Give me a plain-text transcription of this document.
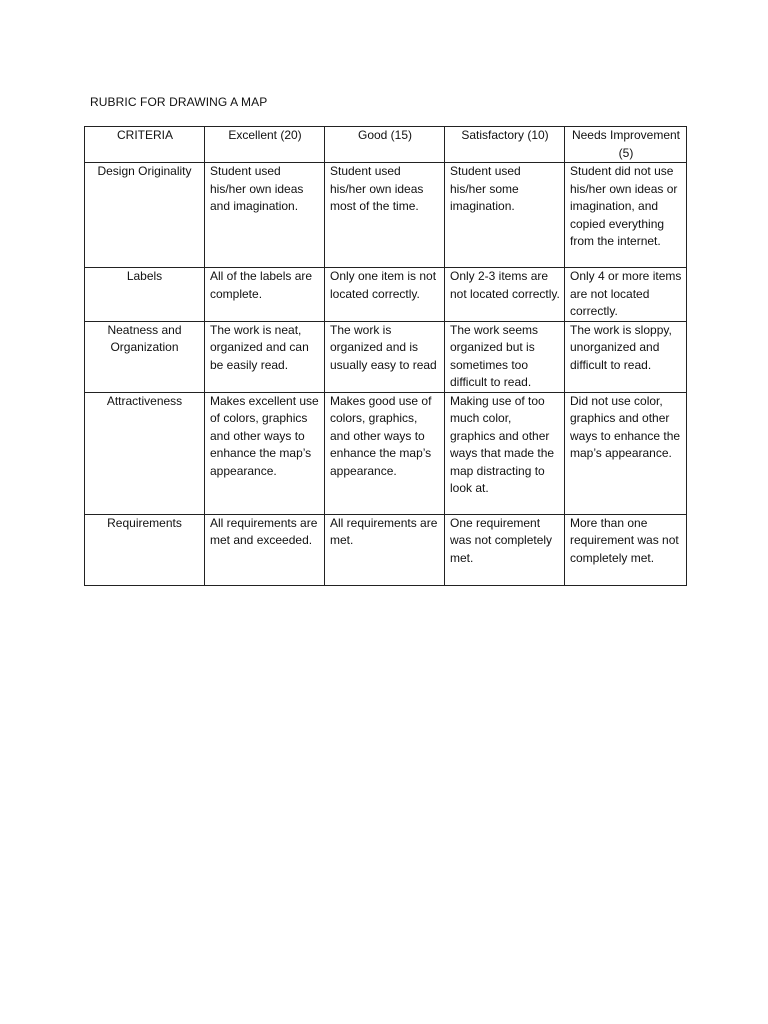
RUBRIC FOR DRAWING A MAP
CRITERIA	Excellent (20)	Good (15)	Satisfactory (10)	Needs Improvement (5)
Design Originality	Student used his/her own ideas and imagination.	Student used his/her own ideas most of the time.	Student used his/her some imagination.	Student did not use his/her own ideas or imagination, and copied everything from the internet.
Labels	All of the labels are complete.	Only one item is not located correctly.	Only 2-3 items are not located correctly.	Only 4 or more items are not located correctly.
Neatness and Organization	The work is neat, organized and can be easily read.	The work is organized and is usually easy to read	The work seems organized but is sometimes too difficult to read.	The work is sloppy, unorganized and difficult to read.
Attractiveness	Makes excellent use of colors, graphics and other ways to enhance the map’s appearance.	Makes good use of colors, graphics, and other ways to enhance the map’s appearance.	Making use of too much color, graphics and other ways that made the map distracting to look at.	Did not use color, graphics and other ways to enhance the map’s appearance.
Requirements	All requirements are met and exceeded.	All requirements are met.	One requirement was not completely met.	More than one requirement was not completely met.
